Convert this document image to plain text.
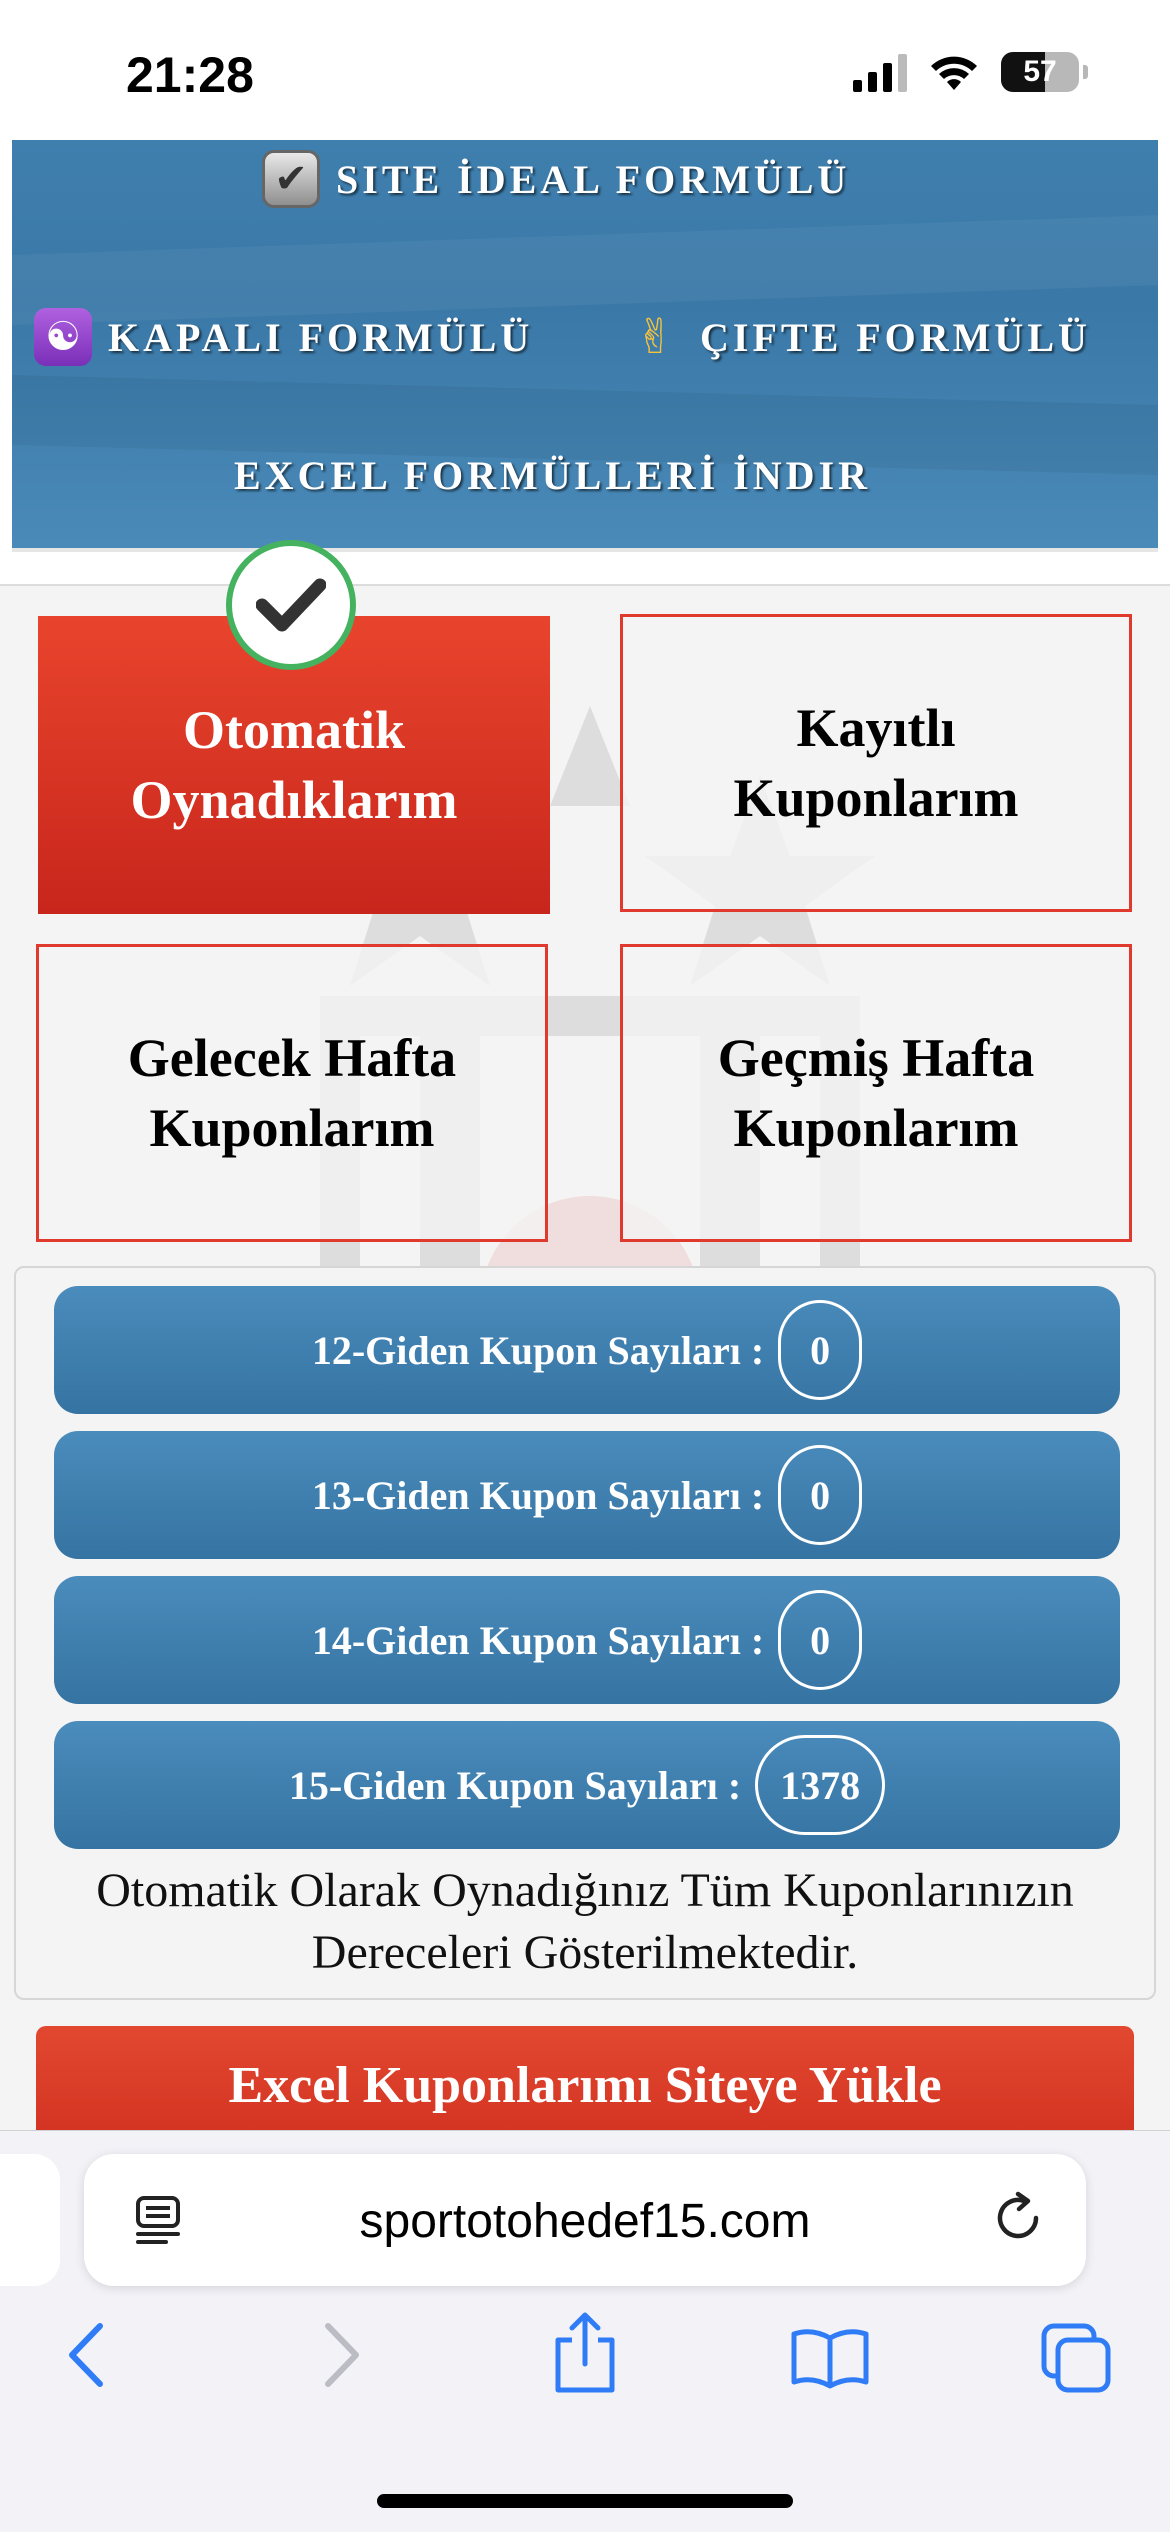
21:28	57
✔ SITE İDEAL FORMÜLÜ
☯ KAPALI FORMÜLÜ ✌ ÇIFTE FORMÜLÜ
EXCEL FORMÜLLERİ İNDIR
Otomatik
Oynadıklarım
Kayıtlı
Kuponlarım
Gelecek Hafta
Kuponlarım
Geçmiş Hafta
Kuponlarım
12-Giden Kupon Sayıları :	0
13-Giden Kupon Sayıları :	0
14-Giden Kupon Sayıları :	0
15-Giden Kupon Sayıları : 1378
Otomatik Olarak Oynadığınız Tüm Kuponlarınızın
Dereceleri Gösterilmektedir.
Excel Kuponlarımı Siteye Yükle
sportotohedef15.com
